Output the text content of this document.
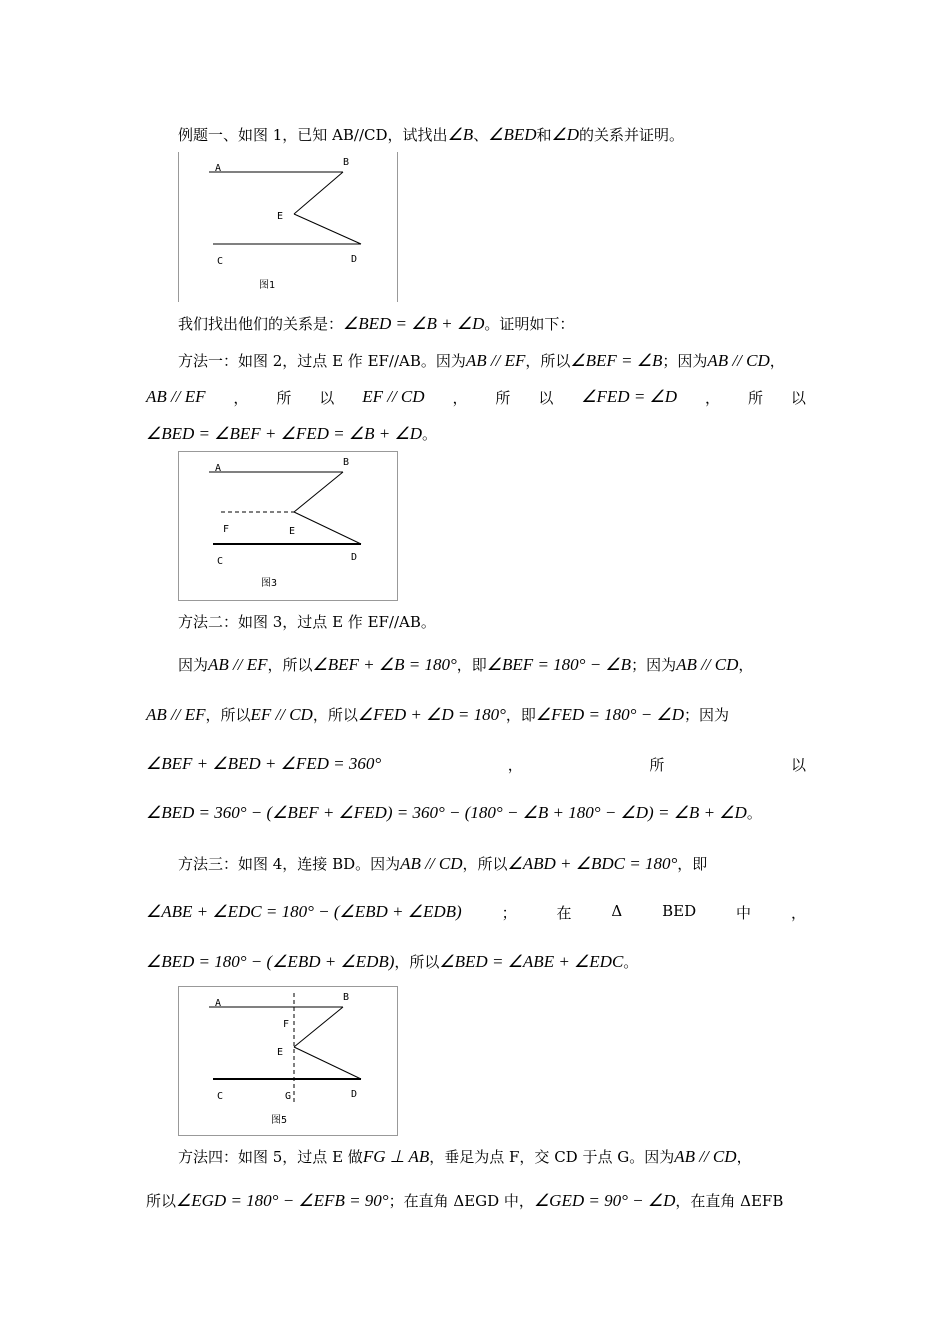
例题一、如图 1，已知 AB//CD，试找出∠B、∠BED和∠D的关系并证明。
A
B
E
C	D
图1
我们找出他们的关系是：∠BED = ∠B + ∠D。证明如下：
方法一：如图 2，过点 E 作 EF//AB。因为AB // EF，所以∠BEF = ∠B；因为AB // CD，
AB // EF ， 所 以 EF // CD ， 所 以 ∠FED = ∠D ， 所 以
∠BED = ∠BEF + ∠FED = ∠B + ∠D。
A
B
F	E
C	D
图3
方法二：如图 3，过点 E 作 EF//AB。
因为AB // EF，所以∠BEF + ∠B = 180°，即∠BEF = 180° − ∠B；因为AB // CD，
AB // EF，所以EF // CD，所以∠FED + ∠D = 180°，即∠FED = 180° − ∠D；因为
∠BEF + ∠BED + ∠FED = 360°	，	所	以
∠BED = 360° − (∠BEF + ∠FED) = 360° − (180° − ∠B + 180° − ∠D) = ∠B + ∠D。
方法三：如图 4，连接 BD。因为AB // CD，所以∠ABD + ∠BDC = 180°，即
∠ABE + ∠EDC = 180° − (∠EBD + ∠EDB)	；	在	Δ	BED	中	，
∠BED = 180° − (∠EBD + ∠EDB)，所以∠BED = ∠ABE + ∠EDC。
A
B
F
E
C	G	D
图5
方法四：如图 5，过点 E 做FG ⊥ AB，垂足为点 F，交 CD 于点 G。因为AB // CD，
所以∠EGD = 180° − ∠EFB = 90°；在直角 ΔEGD 中，∠GED = 90° − ∠D，在直角 ΔEFB
